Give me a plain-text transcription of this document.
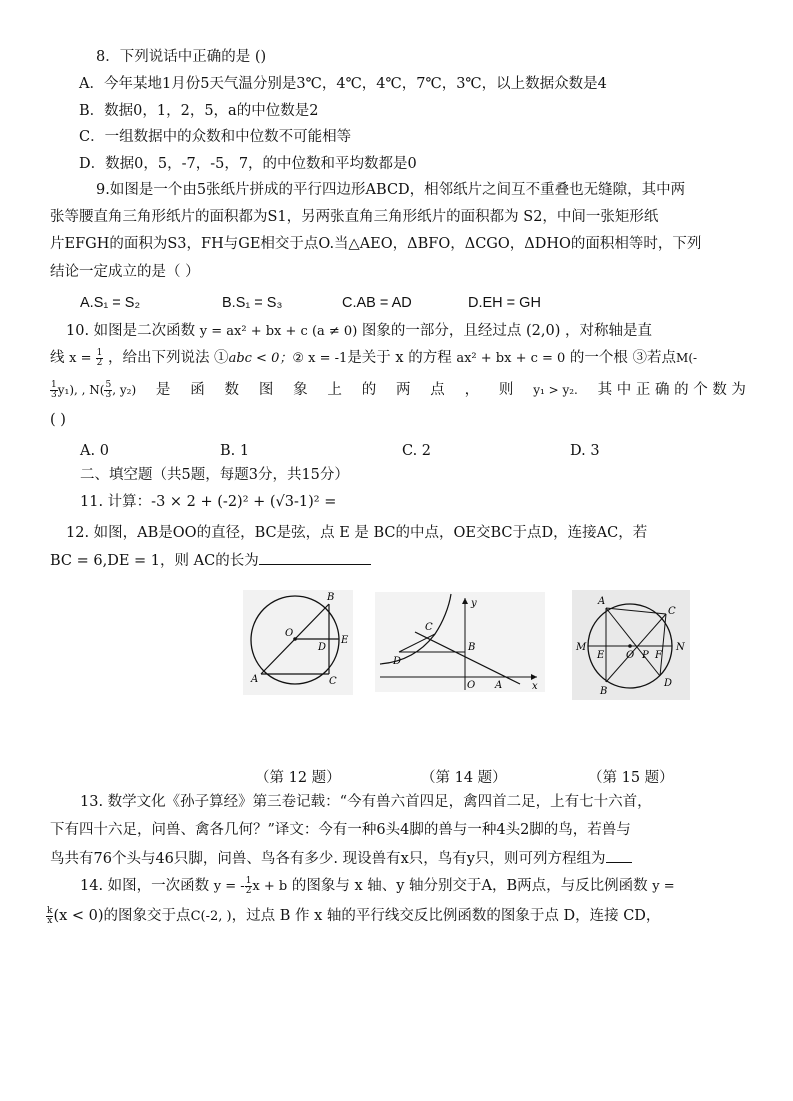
8．下列说话中正确的是 ()
A．今年某地1月份5天气温分别是3℃，4℃，4℃，7℃，3℃，以上数据众数是4
B．数据0，1，2，5，a的中位数是2
C．一组数据中的众数和中位数不可能相等
D．数据0，5，-7，-5，7，的中位数和平均数都是0
9.如图是一个由5张纸片拼成的平行四边形ABCD，相邻纸片之间互不重叠也无缝隙，其中两
张等腰直角三角形纸片的面积都为S1，另两张直角三角形纸片的面积都为 S2，中间一张矩形纸
片EFGH的面积为S3，FH与GE相交于点O.当△AEO，ΔBFO，ΔCGO，ΔDHO的面积相等时，下列
结论一定成立的是（ ）
A.S₁ = S₂	B.S₁ = S₃	C.AB = AD	D.EH = GH
10. 如图是二次函数 y = ax² + bx + c (a ≠ 0) 图象的一部分，且经过点 (2,0) ，对称轴是直
线 $x = \frac{1}{2}$ ，给出下列说法 ①abc < 0；② x = -1是关于 x 的方程 ax² + bx + c = 0 的一个根 ③若点M(-
$\frac{1}{3} y_1$), , $N( \frac{5}{3}$ , y₂) 是 函 数 图 象 上 的 两 点 ， 则 y₁ > y₂. 其 中 正 确 的 个 数 为
( )
A. 0	B. 1	C. 2	D. 3
二、填空题（共5题，每题3分，共15分）
11. 计算：-3 × 2 + (-2)² + (√3-1)² =
12. 如图，AB是OO的直径，BC是弦，点 E 是 BC的中点，OE交BC于点D，连接AC，若
BC = 6,DE = 1，则 AC的长为
B
O
E
D
A	C
y
C
B
D
O A	x
A
C
M
E O P F
N
B
D
（第 12 题）	（第 14 题）	（第 15 题）
13. 数学文化《孙子算经》第三卷记载：“今有兽六首四足，禽四首二足，上有七十六首，
下有四十六足，问兽、禽各几何？”译文：今有一种6头4脚的兽与一种4头2脚的鸟，若兽与
鸟共有76个头与46只脚，问兽、鸟各有多少. 现设兽有x只，鸟有y只，则可列方程组为
14. 如图，一次函数 y = - $\frac{1}{2}$ x + b 的图象与 x 轴、y 轴分别交于A，B两点，与反比例函数 y =
$\frac{k}{x} (x < 0)$的图象交于点C(-2, )，过点 B 作 x 轴的平行线交反比例函数的图象于点 D，连接 CD，
